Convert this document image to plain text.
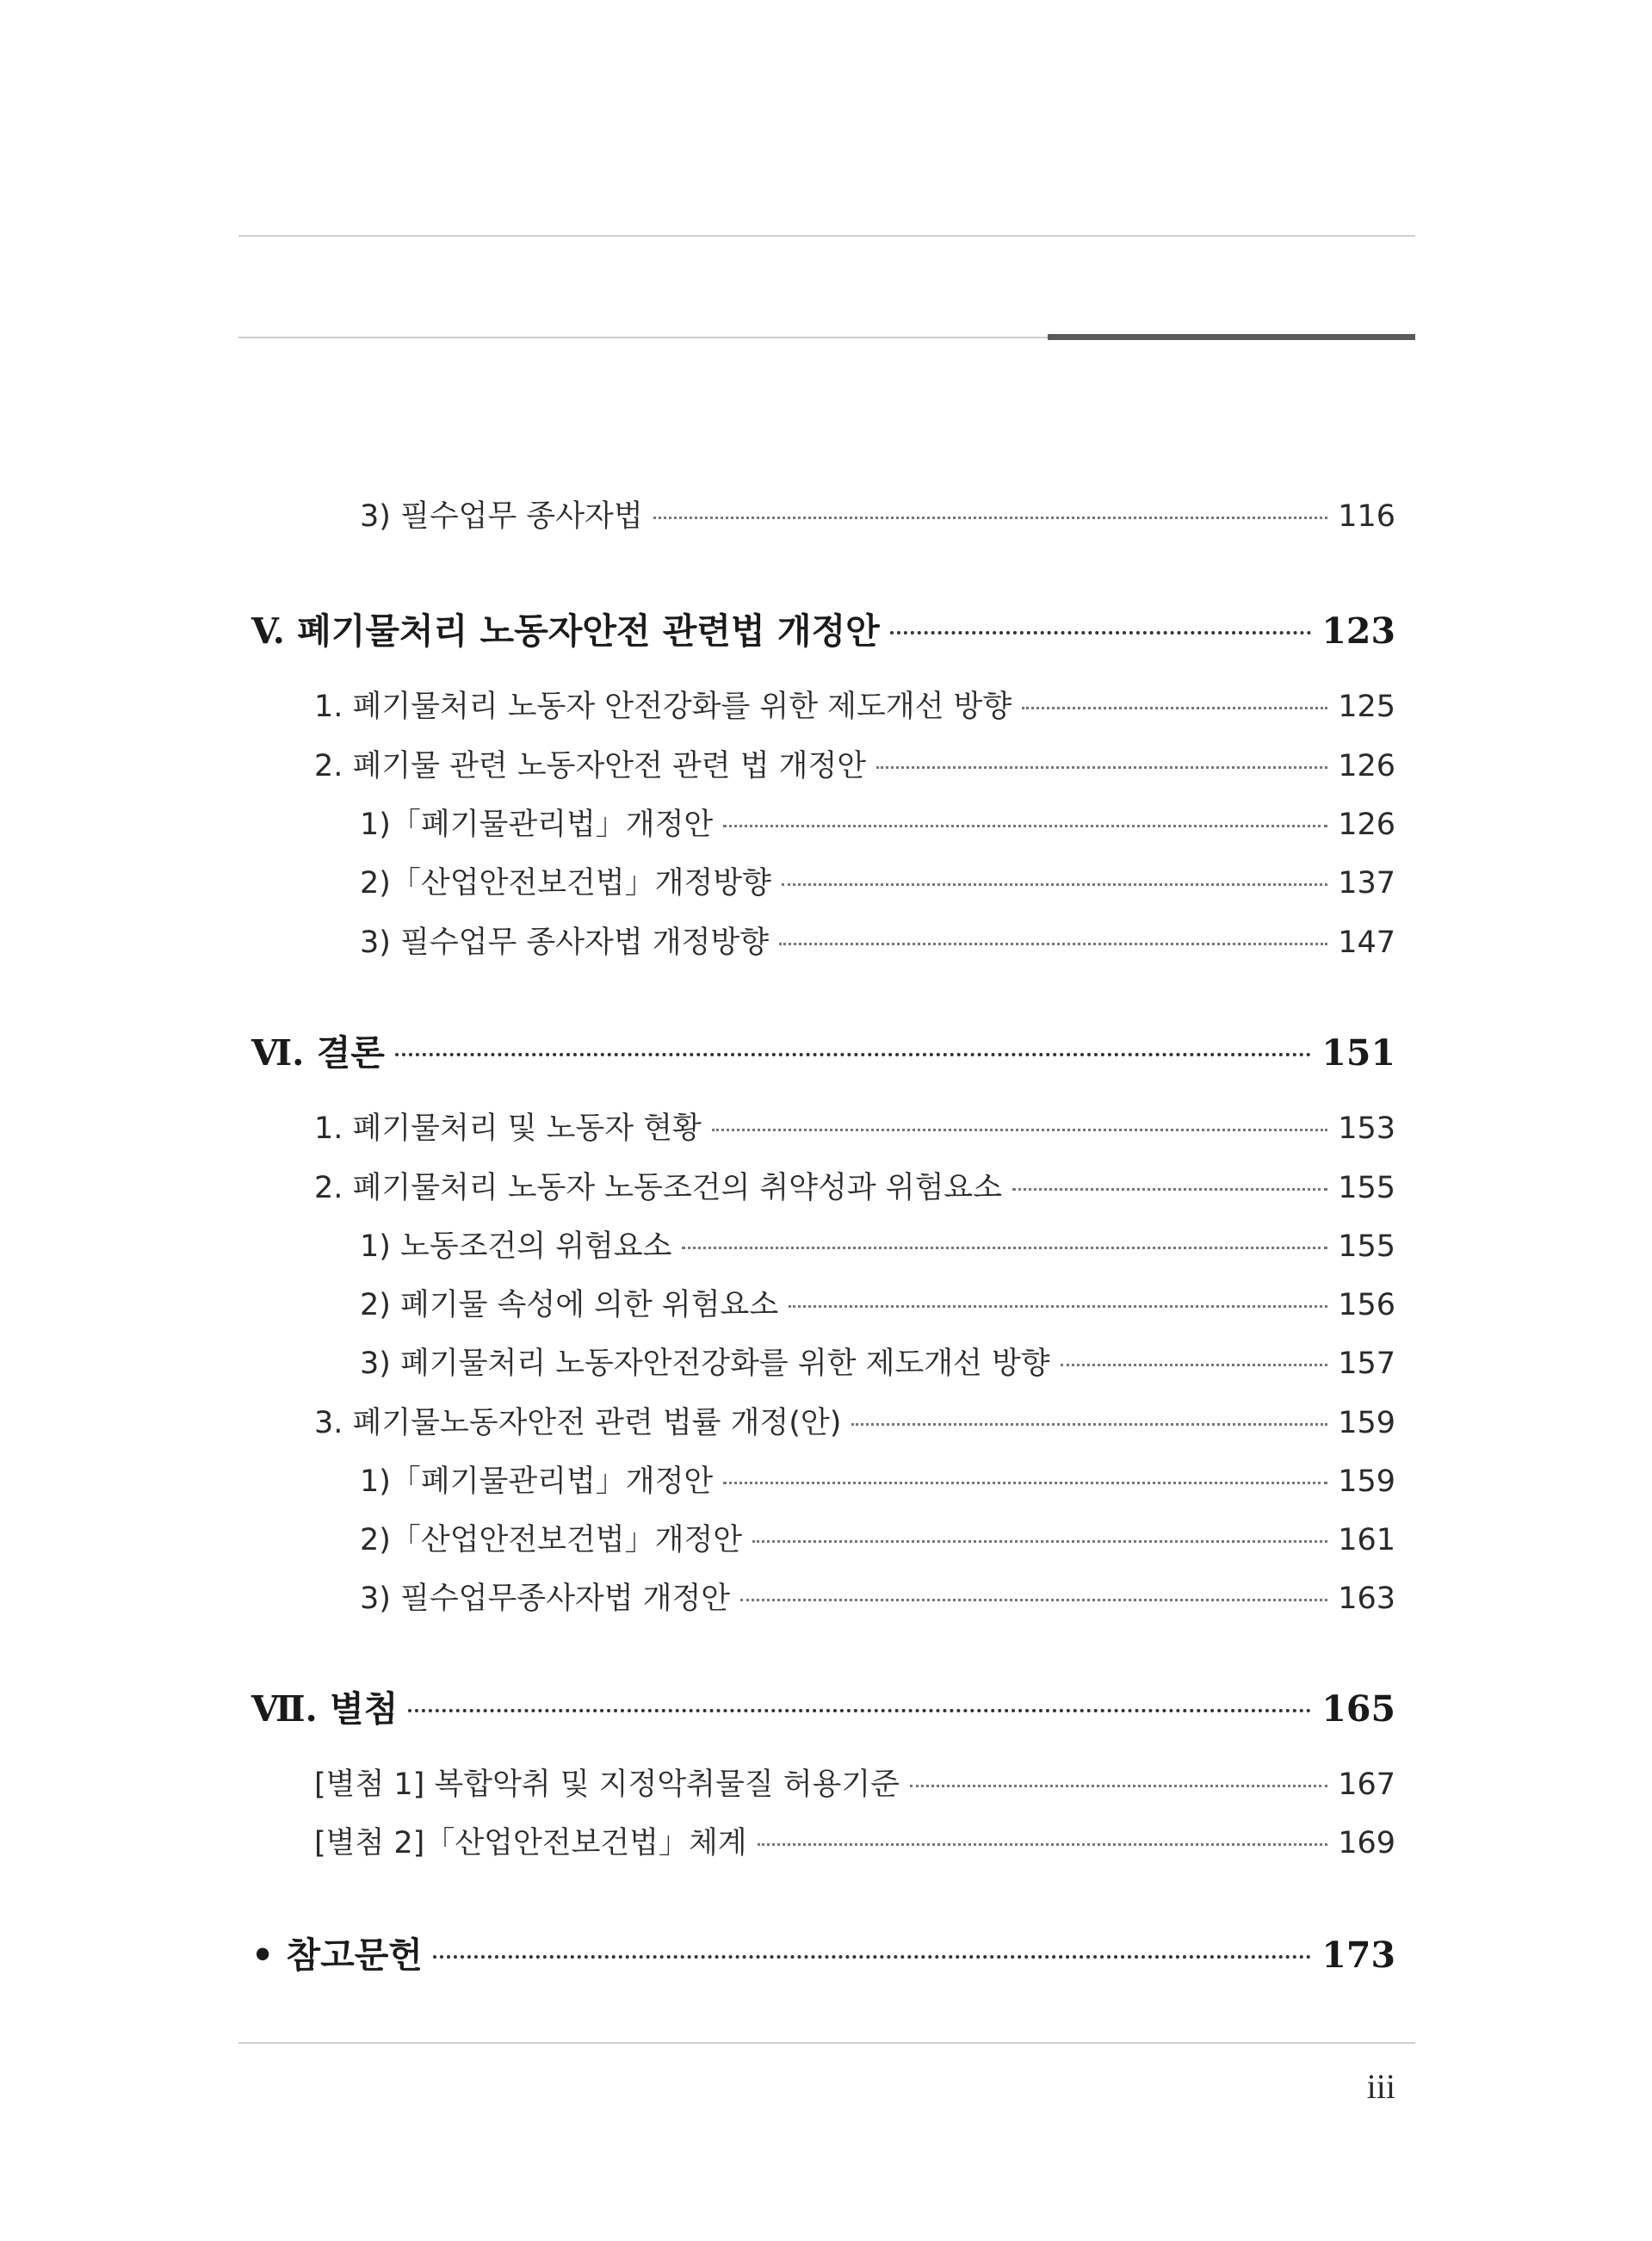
3) 필수업무 종사자법	116
V. 폐기물처리 노동자안전 관련법 개정안	123
1. 폐기물처리 노동자 안전강화를 위한 제도개선 방향	125
2. 폐기물 관련 노동자안전 관련 법 개정안	126
1)「폐기물관리법」개정안	126
2)「산업안전보건법」개정방향	137
3) 필수업무 종사자법 개정방향	147
Ⅵ. 결론	151
1. 폐기물처리 및 노동자 현황	153
2. 폐기물처리 노동자 노동조건의 취약성과 위험요소	155
1) 노동조건의 위험요소	155
2) 폐기물 속성에 의한 위험요소	156
3) 폐기물처리 노동자안전강화를 위한 제도개선 방향	157
3. 폐기물노동자안전 관련 법률 개정(안)	159
1)「폐기물관리법」개정안	159
2)「산업안전보건법」개정안	161
3) 필수업무종사자법 개정안	163
Ⅶ. 별첨	165
[별첨 1] 복합악취 및 지정악취물질 허용기준	167
[별첨 2]「산업안전보건법」체계	169
• 참고문헌	173
iii
